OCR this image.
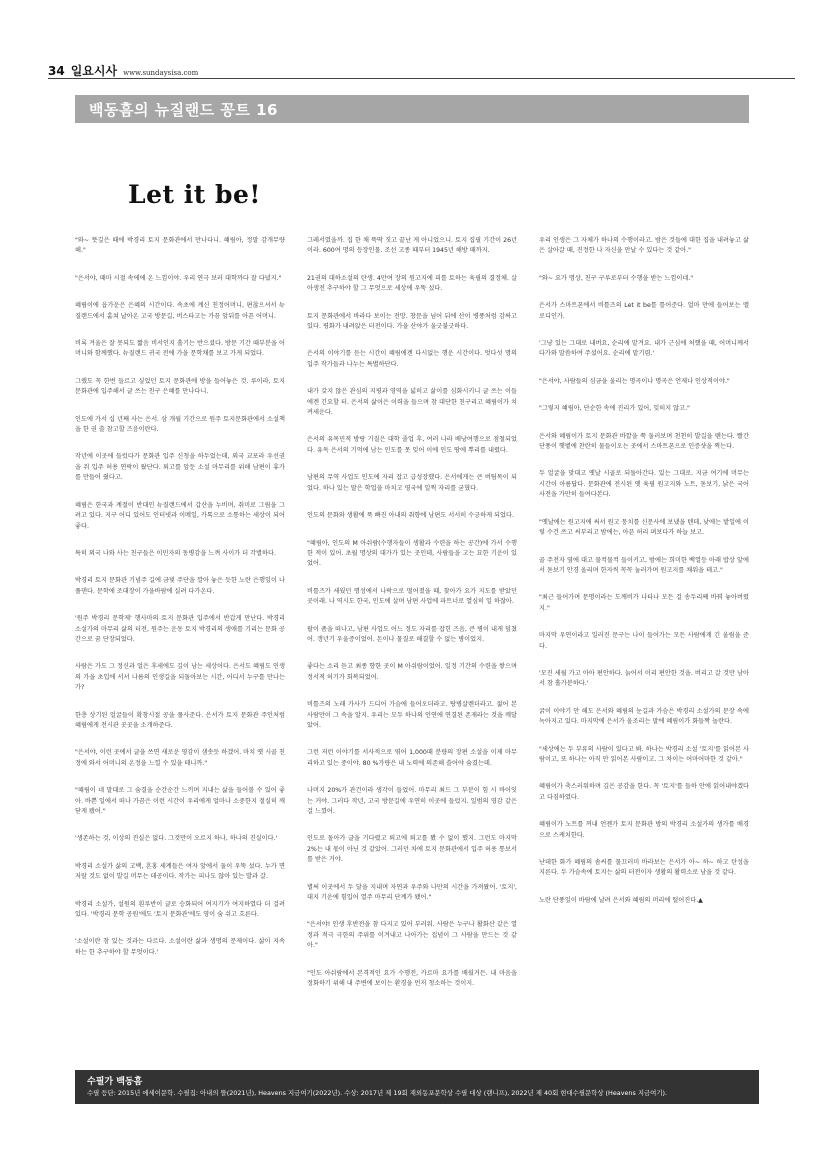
34 일요시사 www.sundaysisa.com
백동흠의 뉴질랜드 꽁트 16
Let it be!

"와~ 뜻깊은 때에 박경리 토지 문화관에서 만나다니. 혜림아, 정말 감개무량해."

"은서야, 때마 시절 속에에 온 느낌이야. 우리 연극 보러 대학까다 잘 다녔지."

혜림이에 읍가운은 은혜의 시간이다. 속초에 계신 친정어머니, 편찮으셔서 뉴질랜드에서 훔쳐 날아온 고국 방문길, 버스타고는 가끔 앞뒤를 아픈 어머니.

비록 겨울은 잘 못되도 짧음 비서인지 흘기는 반으셨다. 방문 기간 때부분을 어머니와 함께했다. 뉴질랜드 귀국 전에 가을 문학채를 보고 가게 되었다.

그랬도 꼭 한번 들르고 싶었던 토지 문화관에 방을 들어놓은 것. 루이라, 토지 문화관에 입주해서 글 쓰는 친구 은혜를 만나다니.

인도에 가서 십 년째 사는 은서. 삼 개월 기간으로 원주 토지문화관에서 소설책을 한 권 쓸 참고할 즈음이란다.

작년에 이곳에 들렀다가 문화관 입주 신청을 하두었는데, 외국 교포라 우선권을 줘 입주 허용 연락이 왔단다. 퇴고를 앞둔 소설 마무리를 위해 남편이 휴가를 만들어 줬다고.

혜림은 한국과 계절이 반대인 뉴질랜드에서 갑산을 누비며, 취미로 그림을 그려고 있다. 지구 어디 있어도 인터넷과 이메일, 카톡으로 소통하는 세상이 되어 좋다.

특히 외국 나와 사는 친구들은 이민자의 동병감을 느껴 사이가 더 각별하다.

박경리 토지 문화관 기념주 길에 금빛 주단을 깔아 놓은 듯한 노란 은행잎이 나풀댄다. 문학에 조대장이 가을바람에 실려 다가온다.

'원주 박경리 문학제' 행사마의 토지 문화관 입주에서 반갑게 만난다. 박경리 소설가의 마무리 삶의 터전, 원주는 운동 토지 박경리의 생애를 기리는 문화 공간으로 꿈 단장되었다.

사람은 가도 그 정신과 얼은 후세에도 깊이 남는 세상이다. 은서도 혜림도 인생의 가을 초입에 서서 나름의 인생길을 되돌아보는 시간, 어디서 누구를 만나는가?

한층 상기된 얼굴들이 확창시절 공을 풀사준다. 은서가 토지 문화관 주인처럼 혜림에게 전시관 곳곳을 소개하준다.

"은서야, 이런 곳에서 글을 쓰면 새로운 영감이 샘솟듯 하겠어. 마치 옛 시골 친정에 와서 어머니의 온정을 느낄 수 있을 테니까."

"혜림이 네 말대로 그 숨결을 순간순간 느끼며 지내는 삶을 들어볼 수 있어 좋아. 바쁜 일에서 떠나 가끔은 이런 시간이 우리에게 얼마나 소중한지 절실히 깨닫게 됐어."

'생존하는 것, 이상의 진실은 없다. 그것만이 오르지 하나, 하나의 진실이다.'

박경리 소설가 삶의 고백, 흔홍 세계들은 여자 앞에서 둘이 우뚝 섰다. 누가 면저랄 것도 없이 발길 머무는 데공이다. 작가는 피나도 않아 있는 발과 갈.

박경리 소설가, 설원의 흰루반이 글로 승화되어 여지기가 여지하였다 더 걸려있다. '박경리 문학 공원'에도 '토지 문화관'에도 영이 숨 쉬고 흐른다.

'소설이란 참 있는 것과는 다르다. 소설이란 삶과 생명의 문제이다. 삶이 지속하는 한 추구하야 할 무엇이다.'

그레서였을까. 집 한 채 뚝딱 짓고 끝난 게 아니었으니. 토지 집필 기간이 26년이라. 600여 명의 등장인물. 조선 고종 때부터 1945년 해방 때까지.

21권의 대하소설의 탄생. 4만여 장의 원고지에 피를 토하는 육필의 결정체. 살아생전 추구하야 할 그 무엇으로 세상에 우뚝 섰다.

토지 문화관에서 바라다 보이는 전망. 창문을 넘어 뒤에 산이 병풍처럼 감싸고 있다. 평화가 내려앉은 터전이다. 가을 산야가 울긋불긋하다.

은서의 이야기를 듣는 시간이 혜림에겐 다시없는 행운 시간이다. 엇다섯 명의 입주 작가들과 나누는 특별하단다.

내가 갖지 않은 관심의 지평과 영역을 넓히고 삶이를 심화시키니 글 쓰는 이들에겐 긴요할 터. 은서의 삶이은 이력을 들으며 참 대단한 친구리고 혜림이가 치켜세운다.

은서의 유목민적 방랑 기질은 대학 졸업 후, 여러 나라 배낭여행으로 점철되었다. 유독 은서의 기억에 남는 인도를 못 잊어 이에 인도 땅에 뿌리를 내렸다.

남편의 무역 사업도 인도에 자리 잡고 급성장했다. 은서에게는 큰 버팀목이 되었다. 하나 있는 딸은 학업을 마치고 영국에 일찍 자리를 굳혔다.

인도의 문화와 생활에 푹 빠진 아내의 취향에 남편도 서서히 수긍하게 되었다.

"혜림아, 인도의 M 아쉬람(수행자들이 생활과 수련을 하는 공간)에 가서 수행한 적이 있어. 초월 명상의 대가가 있는 곳인데, 사람들을 고는 묘한 기운이 있었어.

비틀즈가 세웠던 명성에서 나락으로 떨어졌을 때, 찾아가 요가 지도를 받았던 곳이래. 나 역시도 한국, 인도에 살며 남편 사업에 파트너로 열심히 일 하잖아.

팔이 좀을 떠나고, 남편 사업도 어느 정도 자리를 잡힌 즈음, 큰 병이 내게 덮쳤어. 갱년기 우울증이었어. 돈이나 물질로 해결할 수 없는 병이었지.

좋다는 소리 듣고 최종 향한 곳이 M 아쉬람이었어. 일정 기간의 수련을 쌓으며 정서적 허기가 회복되었어.

비틀즈의 노래 가사가 드디어 가슴에 들어오더라고. 탕병살렌더라고. 젊어 본 사람만이 그 속을 알지. 우리는 모두 하나의 인연에 연결된 존재라는 것을 깨달았어.

그런 저런 이야기를 서사적으로 엮어 1,000때 분량의 장편 소설을 이제 마무리하고 있는 중이야. 80 %가량은 내 노력에 의존해 쓸어야 숨겼는데.

나머지 20%가 관건이라 생각이 들었어. 마무리 최드 그 부분이 힘 시 바이잇는 거야. 그러다 작년, 고국 방문길에 우연히 이곳에 들렀지. 일범의 영감 같은 걸 느꼈어.

인도로 돌아가 글을 기다렸고 퇴고에 퇴고를 봤 수 없이 했지. 그런도 마지막 2%는 내 몫이 아닌 것 같았어. 그러던 차에 토지 문화관에서 입주 허용 통보서를 받은 거야.

별써 이곳에서 두 달을 지내며 자연과 우주와 나만의 시간을 가져왔어. '토지', 대지 기운에 힘입어 열주 마무리 단계가 됐어."

"은서야! 인생 후반전을 참 다지고 있어 부러워. 사람은 누구나 활화산 같은 열정과 적극 극한의 주위를 이겨내고 나아가는 집념이 그 사람을 만드는 것 같아."

"인도 아쉬람에서 본격적인 요가 수행전, 카르마 요가를 배웠거든. 내 마음을 정화하기 위해 내 주변에 보이는 환경을 먼저 청소하는 것이지.

우리 인생은 그 자체가 하나의 수행이라고. 밤은 것들에 대한 집을 내려놓고 삶은 살아갈 때, 진정한 나 자신을 만날 수 있다는 것 같아."

"와~ 요가 명상, 친구 구루로부터 수행을 받는 느낌이네."

은서가 스마트폰에서 비틀즈의 Let it be를 틀어준다. 얼마 만에 들어보는 멜로디인가.

'그냥 있는 그대로 내버요, 순리에 맡겨요. 내가 근심에 처했을 때, 어머니께서 다가와 말씀하여 주셨어요. 순리에 맡기렴.'

"은서야, 사람들의 심금을 울리는 명곡이나 명곡은 언제나 인상적이야."

"그렇지 혜림아, 단순한 속에 진리가 있어, 잊히지 않고."

은서와 혜림이가 토지 문화관 바깥을 쭉 둘러보며 천천히 발길을 뗀는다. 빨간 단풍이 햇볕에 찬란히 물들이오는 곳에서 스마트폰으로 인증샷을 찍는다.

두 얼굴을 맞대고 옛날 시골로 되돌아간다. 있는 그대로. 지금 여기에 머무는 시간이 아름답다. 문화관에 전시된 옛 육필 원고지와 노트, 돋보기, 낡은 국어사전을 가만히 들여다본다.

"옛날에는 원고지에 써서 원고 뭉치를 신문사에 보냈을 텐데, 낮에는 밭일에 이렇 수건 쓰고 씨부리고 밤에는, 아픈 허리 펴보다가 하늘 보고.

골 주전자 옆에 대고 물컥물컥 들이키고, 밤에는 희미한 백열등 아래 밥상 앞에서 돋보기 안경 올리며 한자씩 꼭꼭 눌러가며 원고지를 채워을 테고."

"최근 들어가며 문명이라는 도깨비가 나타나 모든 걸 송두리째 바꿔 놓아버렸지."

마지막 우연이라고 일러진 문구는 나이 들어가는 모든 사람에게 긴 울림을 준다.

'모진 세월 가고 아아 편안하다. 늙어서 이리 편안한 것을. 버리고 갈 것만 남아서 참 홀가분하다.'

굵이 이야기 안 해도 은서와 혜림의 눈길과 가슴은 박경리 소설가의 문장 속에 녹아지고 있다. 마지막에 은서가 올조리는 말에 혜림이가 화들짝 놀란다.

"세상에는 두 부류의 사람이 있다고 봐. 하나는 박경리 소설 '토지'를 읽어본 사람이고, 또 하나는 아직 안 읽어본 사람이고. 그 차이는 어마어마한 것 같아."

혜림이가 축스러워하며 깊은 공감을 한다. 꼭 '토지'를 들하 안에 읽어내야겠다고 다짐하였다.

혜림이가 노트를 꺼내 언젠가 토지 문화관 방의 박경리 소설가의 생가를 배경으로 스케치한다.

난데한 화가 혜림의 솜씨를 물끄러미 바라보는 은서가 아~ 하~ 하고 탄성을 지른다. 두 가슴속에 토지는 삶의 터전이자 생활의 활력소로 남을 것 같다.

노란 단풍잎이 바람에 날려 은서와 혜림의 머리에 떨어진다.▲

수필가 백동흠
수필 등단: 2015년 에세이문학. 수필집: 아내의 뜰(2021년), Heavens 지금여기(2022년). 수상: 2017년 제 19회 재외동포문학상 수필 대상 (랜니프), 2022년 제 40회 현대수필문학상 (Heavens 지금여기).
